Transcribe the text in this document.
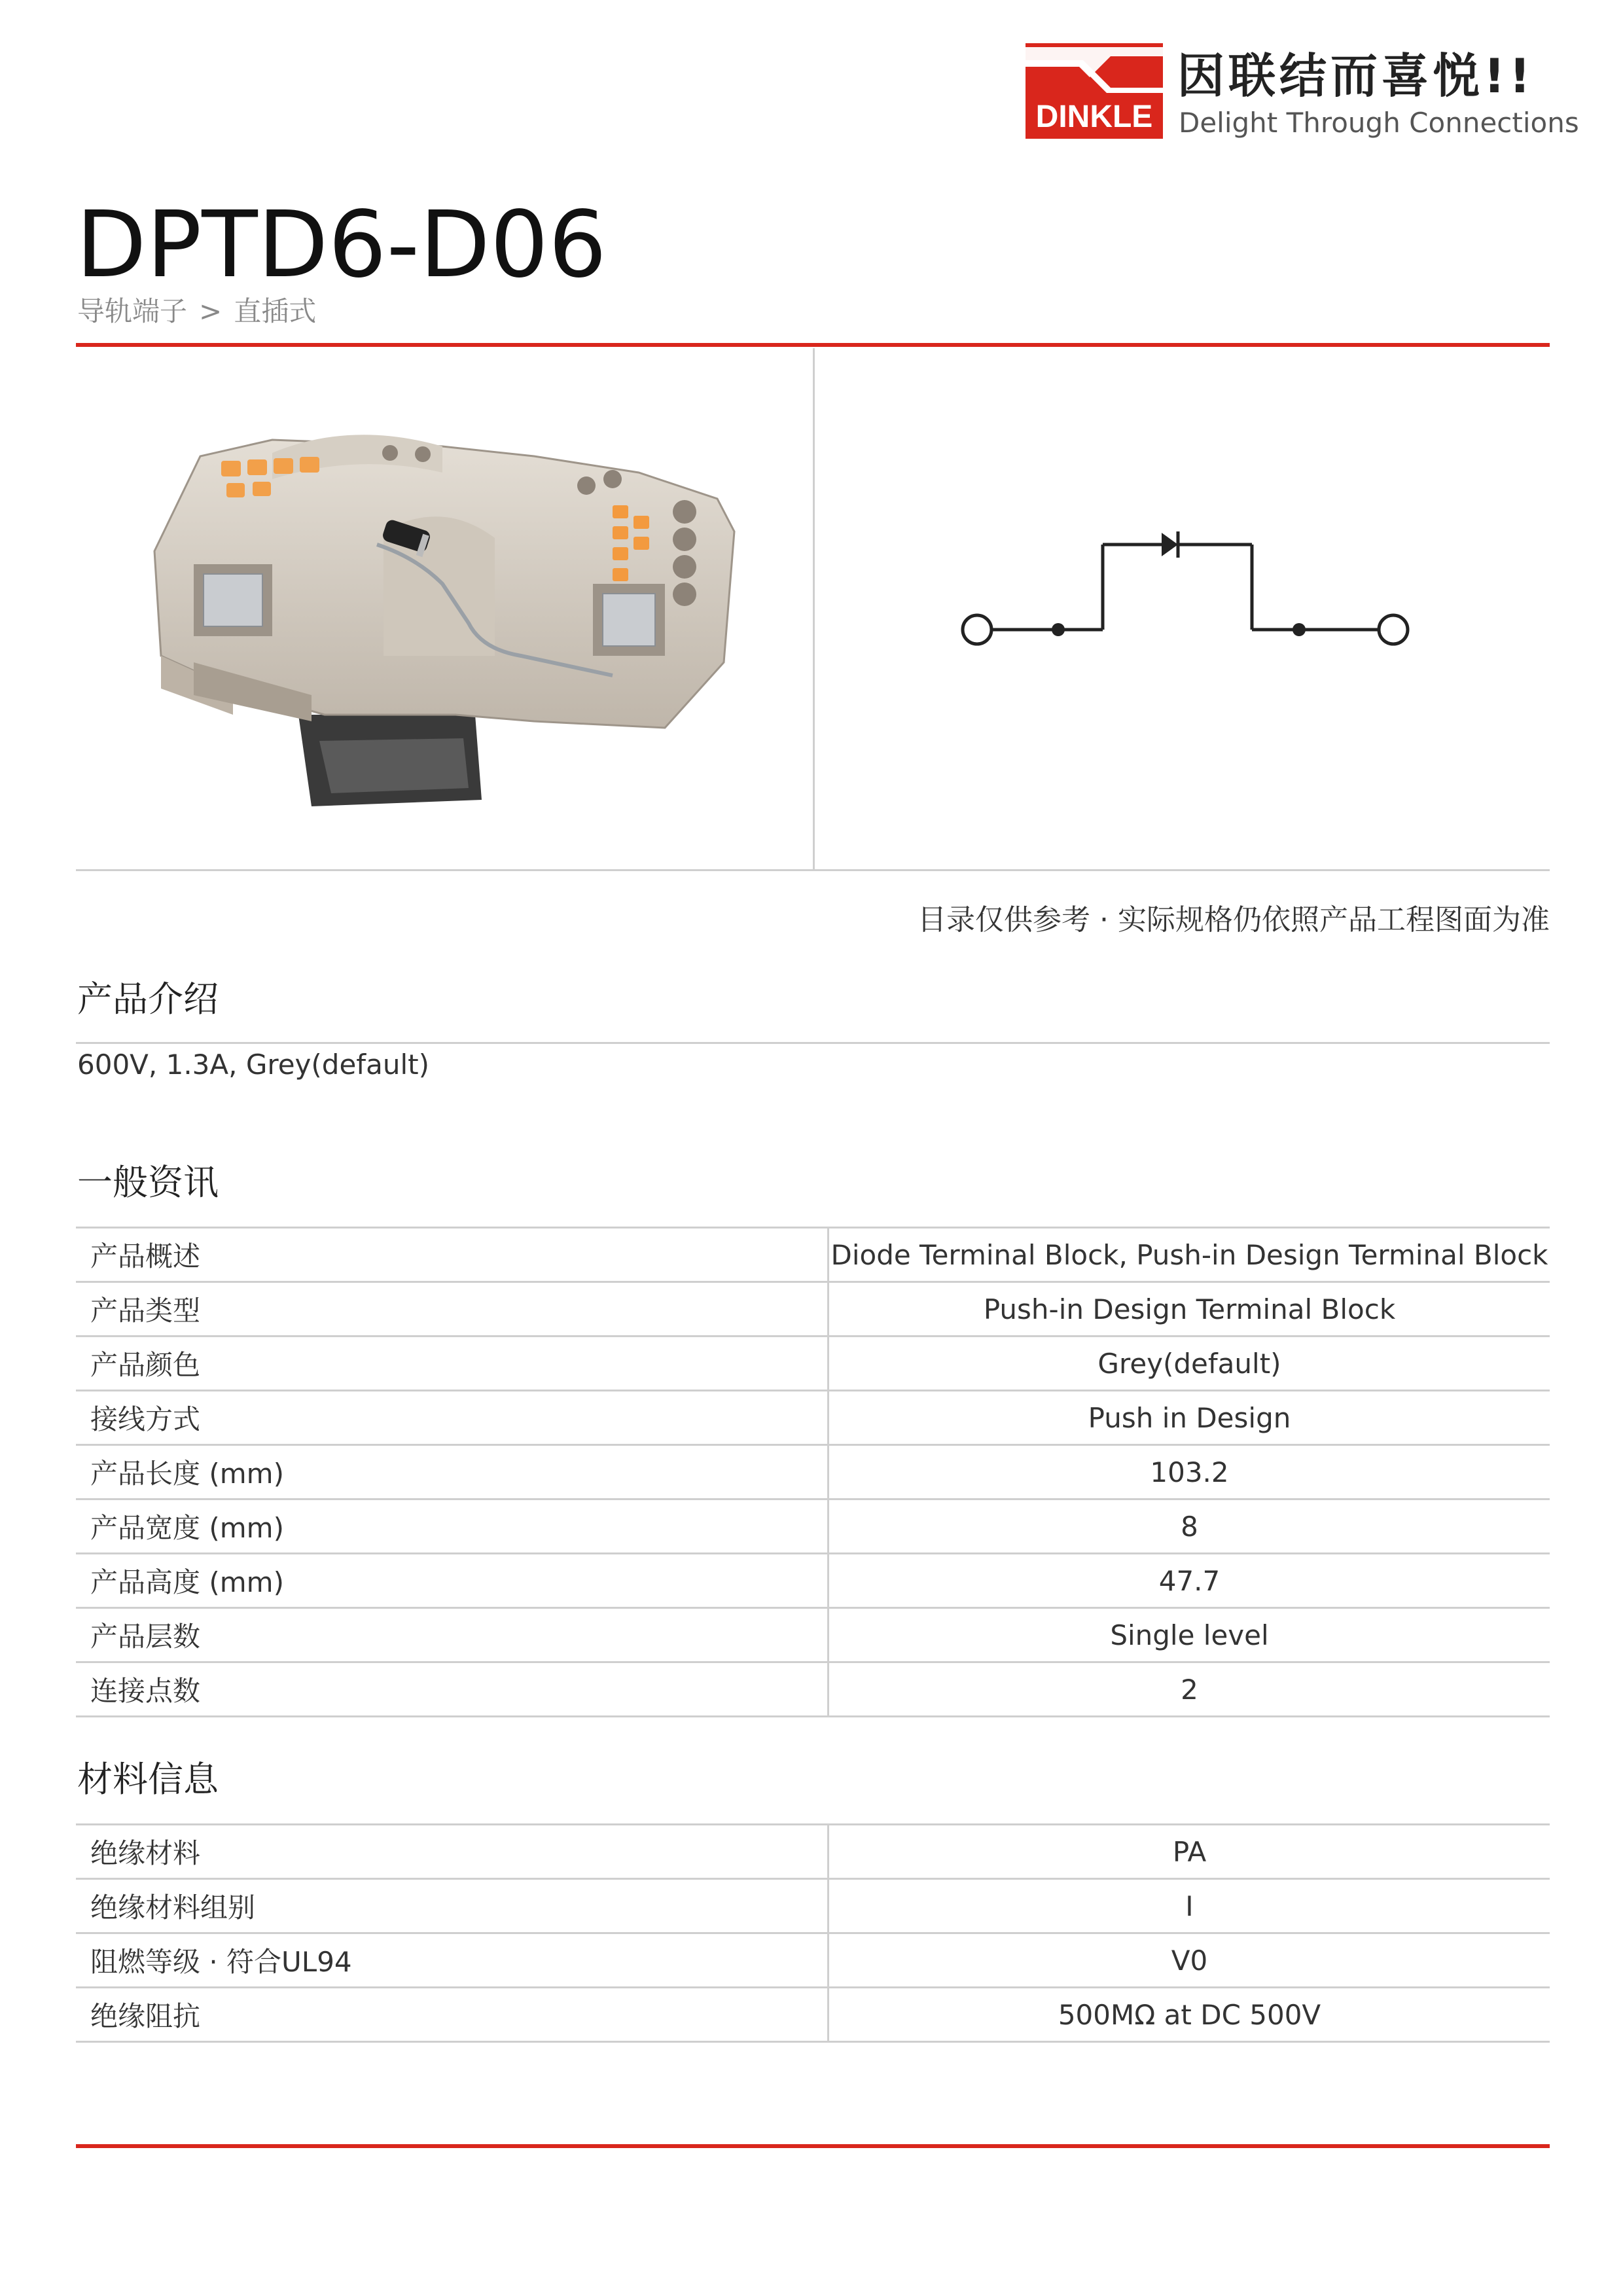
DINKLE
因联结而喜悦!!
Delight Through Connections
DPTD6-D06
导轨端子 > 直插式
目录仅供参考 · 实际规格仍依照产品工程图面为准
产品介绍
600V, 1.3A, Grey(default)
一般资讯
产品概述	Diode Terminal Block, Push-in Design Terminal Block
产品类型	Push-in Design Terminal Block
产品颜色	Grey(default)
接线方式	Push in Design
产品长度 (mm)	103.2
产品宽度 (mm)	8
产品高度 (mm)	47.7
产品层数	Single level
连接点数	2
材料信息
绝缘材料	PA
绝缘材料组别	I
阻燃等级 · 符合UL94	V0
绝缘阻抗	500MΩ at DC 500V
